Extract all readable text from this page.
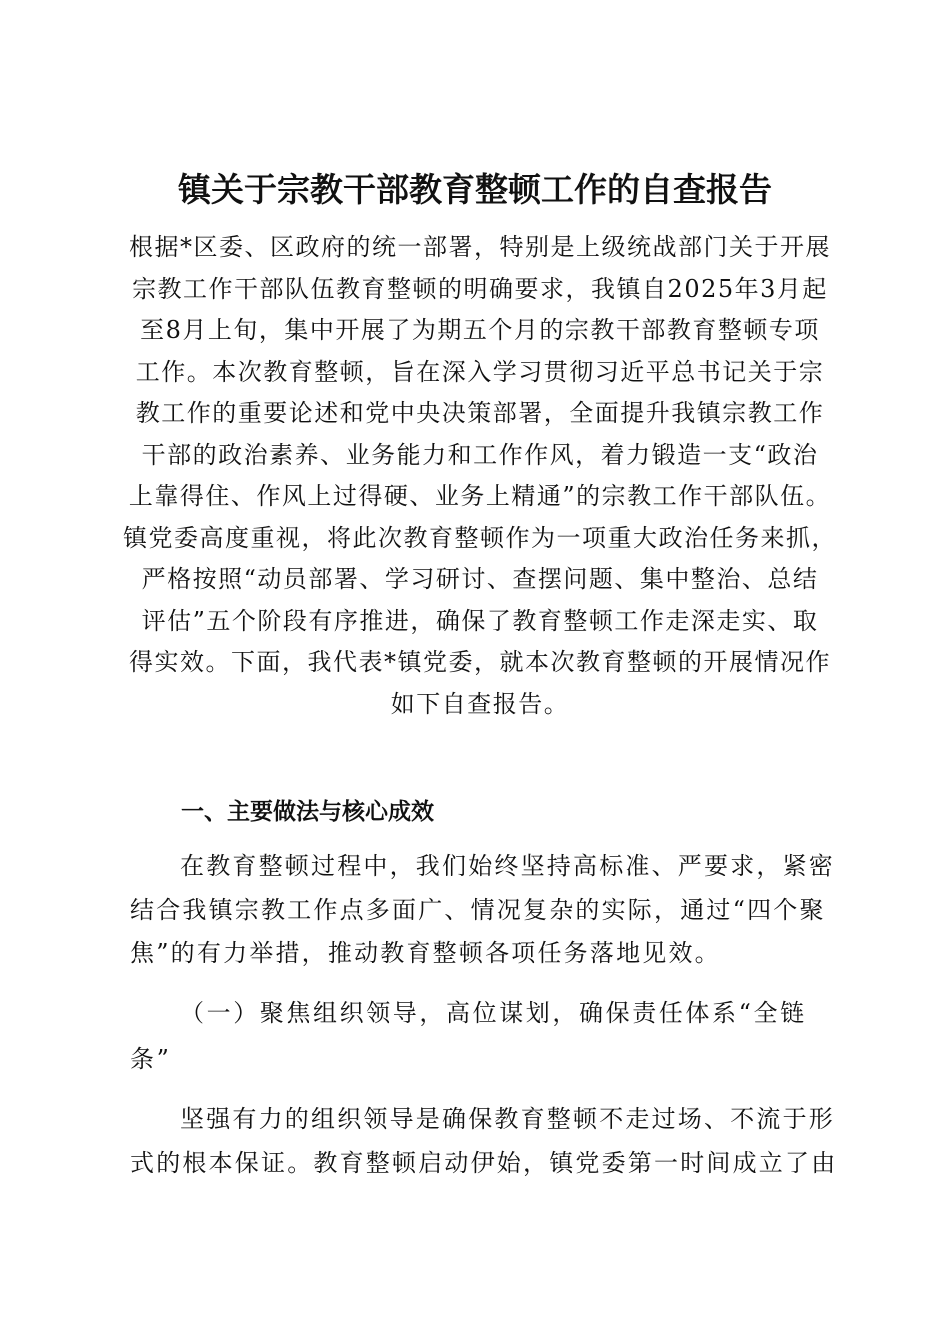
镇关于宗教干部教育整顿工作的自查报告
根据*区委、区政府的统一部署，特别是上级统战部门关于开展
宗教工作干部队伍教育整顿的明确要求，我镇自2025年3月起
至8月上旬，集中开展了为期五个月的宗教干部教育整顿专项
工作。本次教育整顿，旨在深入学习贯彻习近平总书记关于宗
教工作的重要论述和党中央决策部署，全面提升我镇宗教工作
干部的政治素养、业务能力和工作作风，着力锻造一支“政治
上靠得住、作风上过得硬、业务上精通”的宗教工作干部队伍。
镇党委高度重视，将此次教育整顿作为一项重大政治任务来抓，
严格按照“动员部署、学习研讨、查摆问题、集中整治、总结
评估”五个阶段有序推进，确保了教育整顿工作走深走实、取
得实效。下面，我代表*镇党委，就本次教育整顿的开展情况作
如下自查报告。
一、主要做法与核心成效
在教育整顿过程中，我们始终坚持高标准、严要求，紧密
结合我镇宗教工作点多面广、情况复杂的实际，通过“四个聚
焦”的有力举措，推动教育整顿各项任务落地见效。
（一）聚焦组织领导，高位谋划，确保责任体系“全链
条”
坚强有力的组织领导是确保教育整顿不走过场、不流于形
式的根本保证。教育整顿启动伊始，镇党委第一时间成立了由
